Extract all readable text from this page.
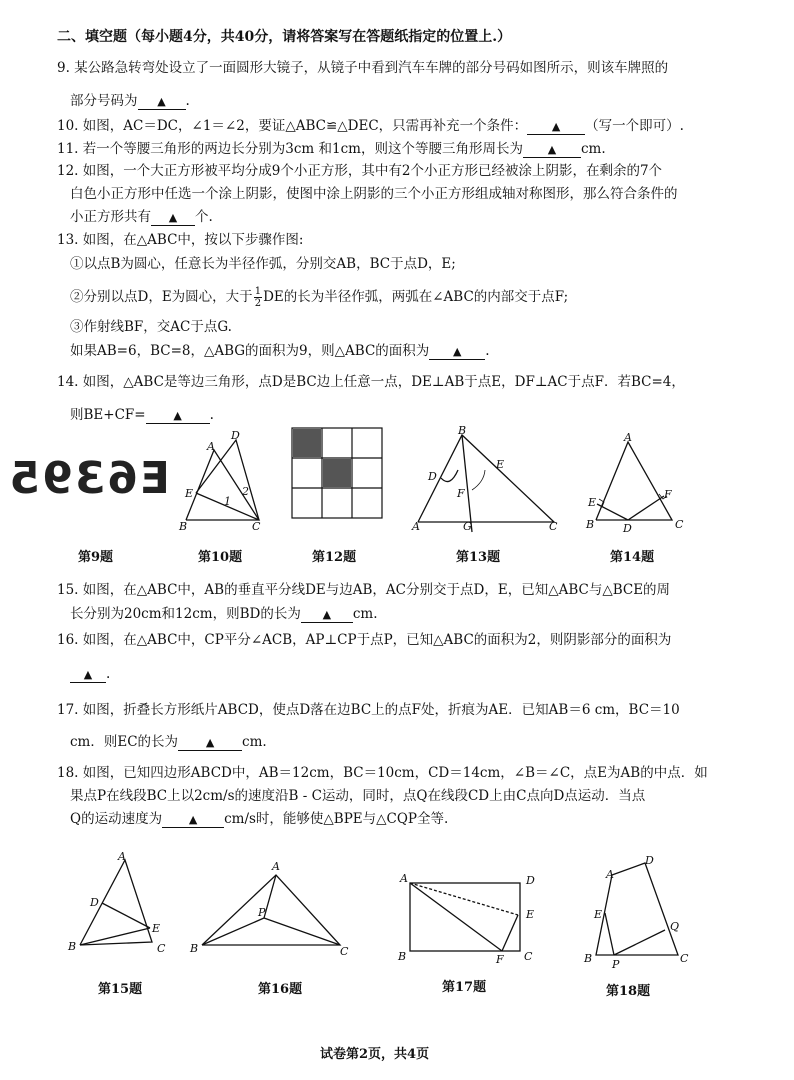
二、填空题（每小题4分，共40分，请将答案写在答题纸指定的位置上.）
9. 某公路急转弯处设立了一面圆形大镜子，从镜子中看到汽车车牌的部分号码如图所示，则该车牌照的
部分号码为 ▲ .
10. 如图，AC＝DC，∠1＝∠2，要证△ABC≌△DEC，只需再补充一个条件： ▲ （写一个即可）.
11. 若一个等腰三角形的两边长分别为3cm 和1cm，则这个等腰三角形周长为 ▲ cm.
12. 如图，一个大正方形被平均分成9个小正方形，其中有2个小正方形已经被涂上阴影，在剩余的7个
白色小正方形中任选一个涂上阴影，使图中涂上阴影的三个小正方形组成轴对称图形，那么符合条件的
小正方形共有 ▲ 个.
13. 如图，在△ABC中，按以下步骤作图:
①以点B为圆心，任意长为半径作弧，分别交AB，BC于点D，E;
②分别以点D，E为圆心，大于 $\frac{1}{2}$ DE的长为半径作弧，两弧在∠ABC的内部交于点F;
③作射线BF，交AC于点G.
如果AB=6，BC=8，△ABG的面积为9，则△ABC的面积为 ▲ .
14. 如图，△ABC是等边三角形，点D是BC边上任意一点，DE⊥AB于点E，DF⊥AC于点F．若BC=4，
则BE+CF=	▲ .
E6395
B
A
D
E
C
1
2
B
D
E
F
A	G	C
A
E
F
B	D	C
A
D
E
B	C
A
P
B	C
A	D
E
B	F C
A
D
E
Q
B P	C
第9题	第10题	第12题	第13题	第14题
15. 如图，在△ABC中，AB的垂直平分线DE与边AB，AC分别交于点D，E，已知△ABC与△BCE的周
长分别为20cm和12cm，则BD的长为 ▲ cm.
16. 如图，在△ABC中，CP平分∠ACB，AP⊥CP于点P，已知△ABC的面积为2，则阴影部分的面积为
▲ .
17. 如图，折叠长方形纸片ABCD，使点D落在边BC上的点F处，折痕为AE．已知AB＝6 cm，BC＝10
cm．则EC的长为	▲ cm.
18. 如图，已知四边形ABCD中，AB＝12cm，BC＝10cm，CD＝14cm，∠B＝∠C，点E为AB的中点．如
果点P在线段BC上以2cm/s的速度沿B - C运动，同时，点Q在线段CD上由C点向D点运动．当点
Q的运动速度为 ▲ cm/s时，能够使△BPE与△CQP全等.
第15题	第16题	第17题	第18题
试卷第2页，共4页
